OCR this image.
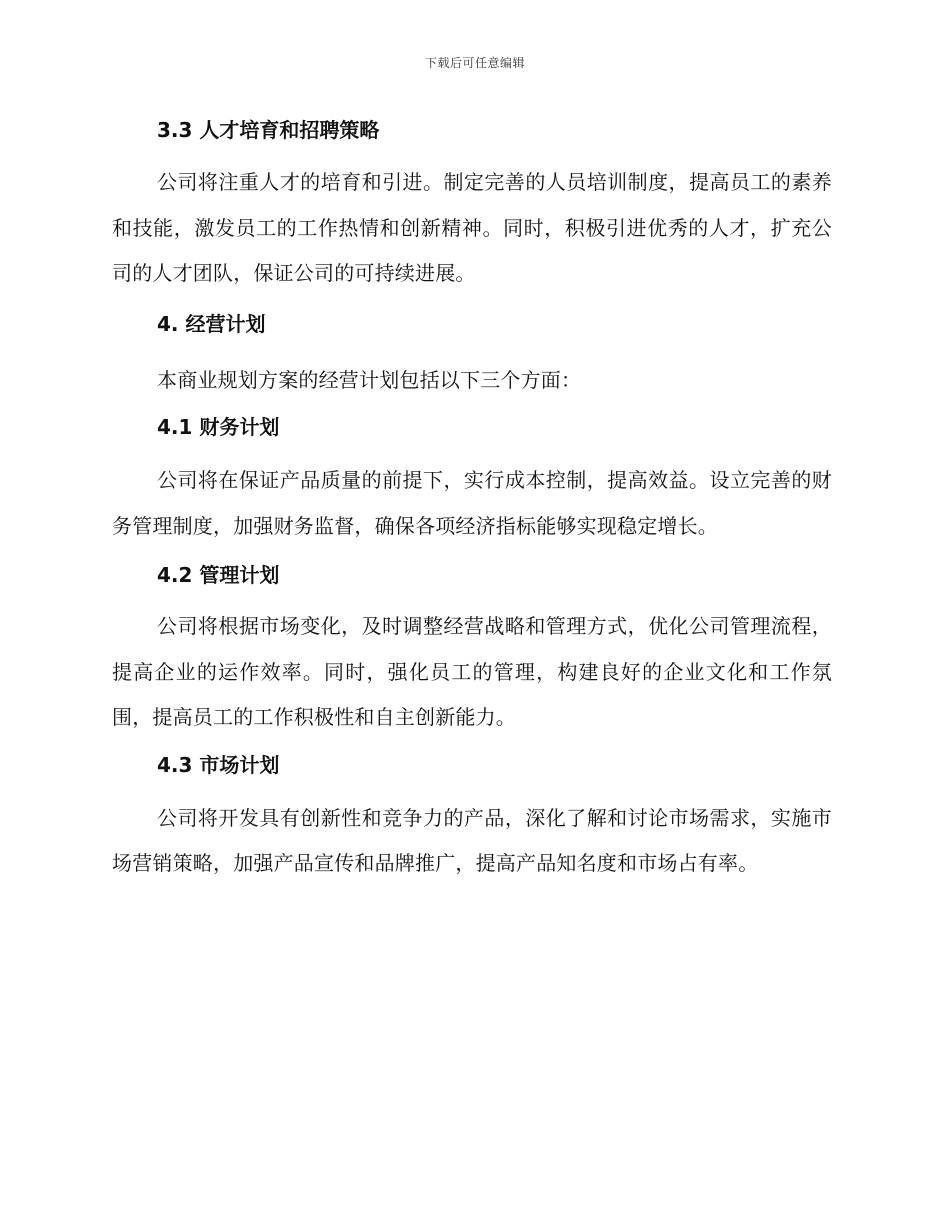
下载后可任意编辑
3.3 人才培育和招聘策略

公司将注重人才的培育和引进。制定完善的人员培训制度，提高员工的素养和技能，激发员工的工作热情和创新精神。同时，积极引进优秀的人才，扩充公司的人才团队，保证公司的可持续进展。

4. 经营计划

本商业规划方案的经营计划包括以下三个方面：

4.1 财务计划

公司将在保证产品质量的前提下，实行成本控制，提高效益。设立完善的财务管理制度，加强财务监督，确保各项经济指标能够实现稳定增长。

4.2 管理计划

公司将根据市场变化，及时调整经营战略和管理方式，优化公司管理流程，提高企业的运作效率。同时，强化员工的管理，构建良好的企业文化和工作氛围，提高员工的工作积极性和自主创新能力。

4.3 市场计划

公司将开发具有创新性和竞争力的产品，深化了解和讨论市场需求，实施市场营销策略，加强产品宣传和品牌推广，提高产品知名度和市场占有率。
